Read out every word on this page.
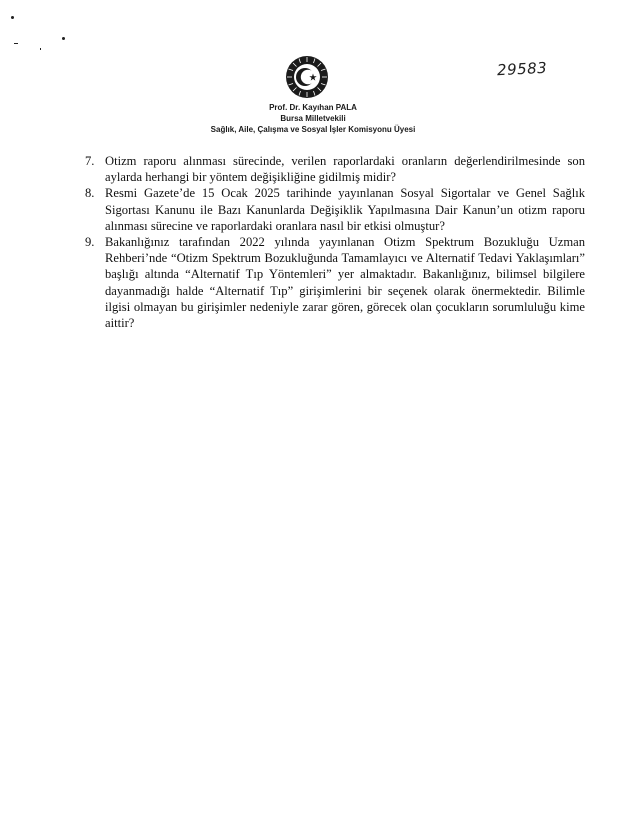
29583
Prof. Dr. Kayıhan PALA
Bursa Milletvekili
Sağlık, Aile, Çalışma ve Sosyal İşler Komisyonu Üyesi
7. Otizm raporu alınması sürecinde, verilen raporlardaki oranların değerlendirilmesinde son aylarda herhangi bir yöntem değişikliğine gidilmiş midir?
8. Resmi Gazete’de 15 Ocak 2025 tarihinde yayınlanan Sosyal Sigortalar ve Genel Sağlık Sigortası Kanunu ile Bazı Kanunlarda Değişiklik Yapılmasına Dair Kanun’un otizm raporu alınması sürecine ve raporlardaki oranlara nasıl bir etkisi olmuştur?
9. Bakanlığınız tarafından 2022 yılında yayınlanan Otizm Spektrum Bozukluğu Uzman Rehberi’nde “Otizm Spektrum Bozukluğunda Tamamlayıcı ve Alternatif Tedavi Yaklaşımları” başlığı altında “Alternatif Tıp Yöntemleri” yer almaktadır. Bakanlığınız, bilimsel bilgilere dayanmadığı halde “Alternatif Tıp” girişimlerini bir seçenek olarak önermektedir. Bilimle ilgisi olmayan bu girişimler nedeniyle zarar gören, görecek olan çocukların sorumluluğu kime aittir?
